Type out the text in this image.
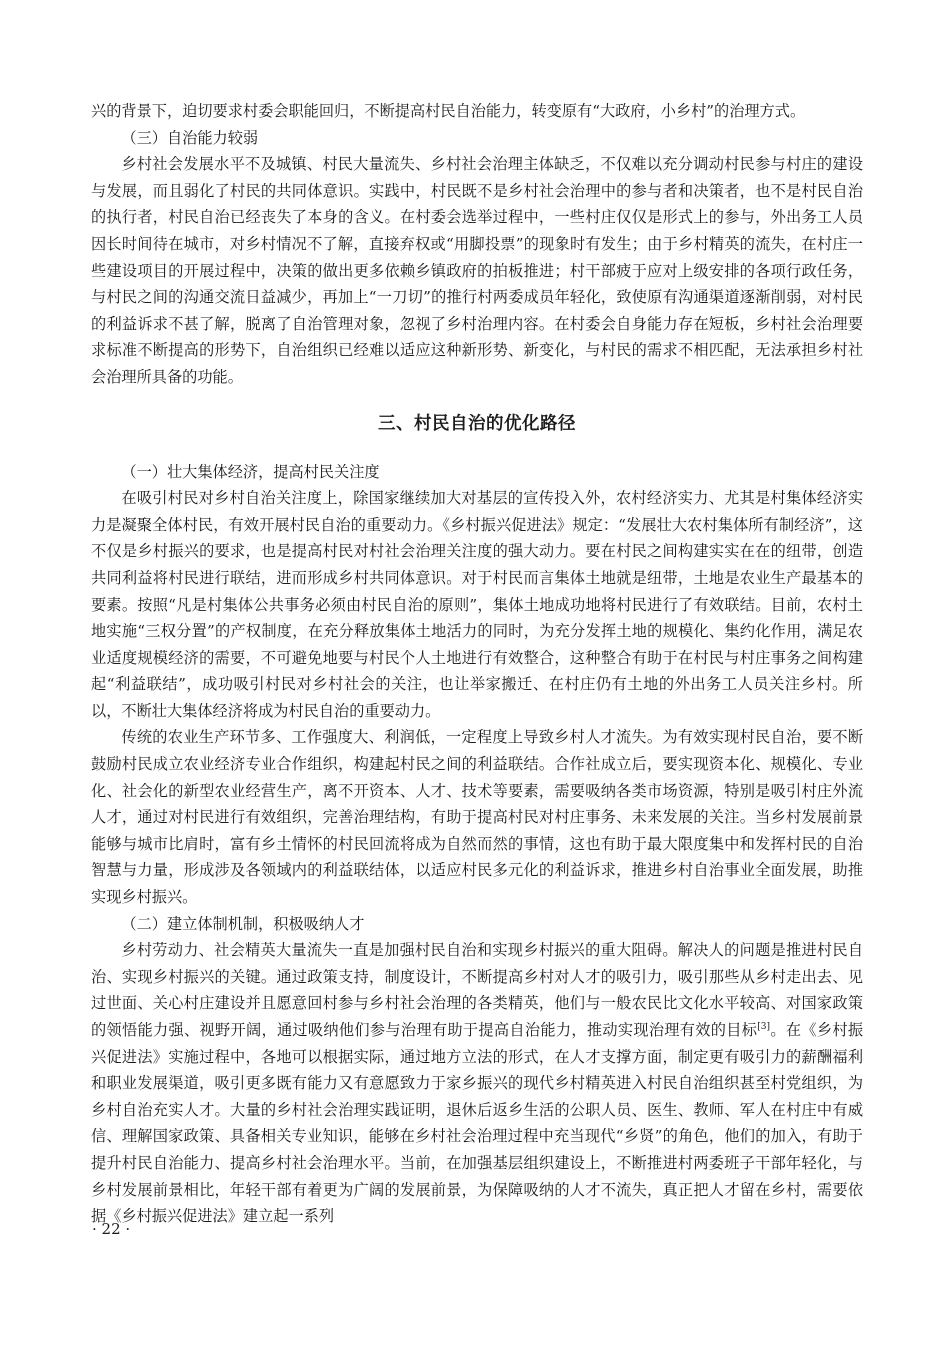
兴的背景下，迫切要求村委会职能回归，不断提高村民自治能力，转变原有“大政府，小乡村”的治理方式。

（三）自治能力较弱

乡村社会发展水平不及城镇、村民大量流失、乡村社会治理主体缺乏，不仅难以充分调动村民参与村庄的建设与发展，而且弱化了村民的共同体意识。实践中，村民既不是乡村社会治理中的参与者和决策者，也不是村民自治的执行者，村民自治已经丧失了本身的含义。在村委会选举过程中，一些村庄仅仅是形式上的参与，外出务工人员因长时间待在城市，对乡村情况不了解，直接弃权或“用脚投票”的现象时有发生；由于乡村精英的流失，在村庄一些建设项目的开展过程中，决策的做出更多依赖乡镇政府的拍板推进；村干部疲于应对上级安排的各项行政任务，与村民之间的沟通交流日益减少，再加上“一刀切”的推行村两委成员年轻化，致使原有沟通渠道逐渐削弱，对村民的利益诉求不甚了解，脱离了自治管理对象，忽视了乡村治理内容。在村委会自身能力存在短板，乡村社会治理要求标准不断提高的形势下，自治组织已经难以适应这种新形势、新变化，与村民的需求不相匹配，无法承担乡村社会治理所具备的功能。

三、村民自治的优化路径

（一）壮大集体经济，提高村民关注度

在吸引村民对乡村自治关注度上，除国家继续加大对基层的宣传投入外，农村经济实力、尤其是村集体经济实力是凝聚全体村民，有效开展村民自治的重要动力。《乡村振兴促进法》规定：“发展壮大农村集体所有制经济”，这不仅是乡村振兴的要求，也是提高村民对村社会治理关注度的强大动力。要在村民之间构建实实在在的纽带，创造共同利益将村民进行联结，进而形成乡村共同体意识。对于村民而言集体土地就是纽带，土地是农业生产最基本的要素。按照“凡是村集体公共事务必须由村民自治的原则”，集体土地成功地将村民进行了有效联结。目前，农村土地实施“三权分置”的产权制度，在充分释放集体土地活力的同时，为充分发挥土地的规模化、集约化作用，满足农业适度规模经济的需要，不可避免地要与村民个人土地进行有效整合，这种整合有助于在村民与村庄事务之间构建起“利益联结”，成功吸引村民对乡村社会的关注，也让举家搬迁、在村庄仍有土地的外出务工人员关注乡村。所以，不断壮大集体经济将成为村民自治的重要动力。

传统的农业生产环节多、工作强度大、利润低，一定程度上导致乡村人才流失。为有效实现村民自治，要不断鼓励村民成立农业经济专业合作组织，构建起村民之间的利益联结。合作社成立后，要实现资本化、规模化、专业化、社会化的新型农业经营生产，离不开资本、人才、技术等要素，需要吸纳各类市场资源，特别是吸引村庄外流人才，通过对村民进行有效组织，完善治理结构，有助于提高村民对村庄事务、未来发展的关注。当乡村发展前景能够与城市比肩时，富有乡土情怀的村民回流将成为自然而然的事情，这也有助于最大限度集中和发挥村民的自治智慧与力量，形成涉及各领域内的利益联结体，以适应村民多元化的利益诉求，推进乡村自治事业全面发展，助推实现乡村振兴。

（二）建立体制机制，积极吸纳人才

乡村劳动力、社会精英大量流失一直是加强村民自治和实现乡村振兴的重大阻碍。解决人的问题是推进村民自治、实现乡村振兴的关键。通过政策支持，制度设计，不断提高乡村对人才的吸引力，吸引那些从乡村走出去、见过世面、关心村庄建设并且愿意回村参与乡村社会治理的各类精英，他们与一般农民比文化水平较高、对国家政策的领悟能力强、视野开阔，通过吸纳他们参与治理有助于提高自治能力，推动实现治理有效的目标[3]。在《乡村振兴促进法》实施过程中，各地可以根据实际，通过地方立法的形式，在人才支撑方面，制定更有吸引力的薪酬福利和职业发展渠道，吸引更多既有能力又有意愿致力于家乡振兴的现代乡村精英进入村民自治组织甚至村党组织，为乡村自治充实人才。大量的乡村社会治理实践证明，退休后返乡生活的公职人员、医生、教师、军人在村庄中有威信、理解国家政策、具备相关专业知识，能够在乡村社会治理过程中充当现代“乡贤”的角色，他们的加入，有助于提升村民自治能力、提高乡村社会治理水平。当前，在加强基层组织建设上，不断推进村两委班子干部年轻化，与乡村发展前景相比，年轻干部有着更为广阔的发展前景，为保障吸纳的人才不流失，真正把人才留在乡村，需要依据《乡村振兴促进法》建立起一系列

· 22 ·
